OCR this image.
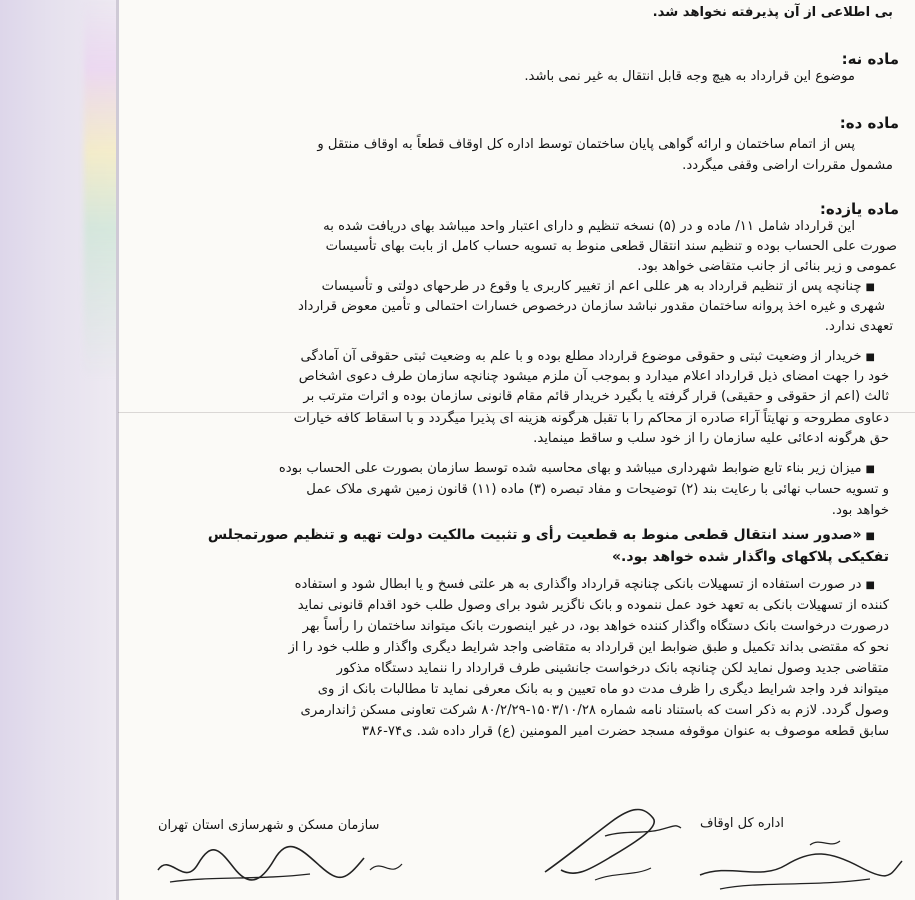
بی اطلاعی از آن پذیرفته نخواهد شد.
ماده نه:
موضوع این قرارداد به هیچ وجه قابل انتقال به غیر نمی باشد.
ماده ده:
پس از اتمام ساختمان و ارائه گواهی پایان ساختمان توسط اداره کل اوقاف قطعاً به اوقاف منتقل و
مشمول مقررات اراضی وقفی میگردد.
ماده یازده:
این قرارداد شامل ۱۱/ ماده و در (۵) نسخه تنظیم و دارای اعتبار واحد میباشد بهای دریافت شده به
صورت علی الحساب بوده و تنظیم سند انتقال قطعی منوط به تسویه حساب کامل از بابت بهای تأسیسات
عمومی و زیر بنائی از جانب متقاضی خواهد بود.
■چنانچه پس از تنظیم قرارداد به هر عللی اعم از تغییر کاربری یا وقوع در طرحهای دولتی و تأسیسات
شهری و غیره اخذ پروانه ساختمان مقدور نباشد سازمان درخصوص خسارات احتمالی و تأمین معوض قرارداد
تعهدی ندارد.
■خریدار از وضعیت ثبتی و حقوقی موضوع قرارداد مطلع بوده و با علم به وضعیت ثبتی حقوقی آن آمادگی
خود را جهت امضای ذیل قرارداد اعلام میدارد و بموجب آن ملزم میشود چنانچه سازمان طرف دعوی اشخاص
ثالث (اعم از حقوقی و حقیقی) قرار گرفته یا بگیرد خریدار قائم مقام قانونی سازمان بوده و اثرات مترتب بر
دعاوی مطروحه و نهایتاً آراء صادره از محاکم را با تقبل هرگونه هزینه ای پذیرا میگردد و با اسقاط کافه خیارات
حق هرگونه ادعائی علیه سازمان را از خود سلب و ساقط مینماید.
■میزان زیر بناء تابع ضوابط شهرداری میباشد و بهای محاسبه شده توسط سازمان بصورت علی الحساب بوده
و تسویه حساب نهائی با رعایت بند (۲) توضیحات و مفاد تبصره (۳) ماده (۱۱) قانون زمین شهری ملاک عمل
خواهد بود.
■«صدور سند انتقال قطعی منوط به قطعیت رأی و تثبیت مالکیت دولت تهیه و تنظیم صورتمجلس
تفکیکی پلاکهای واگذار شده خواهد بود.»
■در صورت استفاده از تسهیلات بانکی چنانچه قرارداد واگذاری به هر علتی فسخ و یا ابطال شود و استفاده
کننده از تسهیلات بانکی به تعهد خود عمل ننموده و بانک ناگزیر شود برای وصول طلب خود اقدام قانونی نماید
درصورت درخواست بانک دستگاه واگذار کننده خواهد بود، در غیر اینصورت بانک میتواند ساختمان را رأساً بهر
نحو که مقتضی بداند تکمیل و طبق ضوابط این قرارداد به متقاضی واجد شرایط دیگری واگذار و طلب خود را از
متقاضی جدید وصول نماید لکن چنانچه بانک درخواست جانشینی طرف قرارداد را ننماید دستگاه مذکور
میتواند فرد واجد شرایط دیگری را ظرف مدت دو ماه تعیین و به بانک معرفی نماید تا مطالبات بانک از وی
وصول گردد. لازم به ذکر است که باستناد نامه شماره ۱۵۰۳/۱۰/۲۸-۸۰/۲/۲۹ شرکت تعاونی مسکن ژاندارمری
سابق قطعه موصوف به عنوان موقوفه مسجد حضرت امیر المومنین (ع) قرار داده شد. ی۷۴-۳۸۶
سازمان مسکن و شهرسازی استان تهران	اداره کل اوقاف
